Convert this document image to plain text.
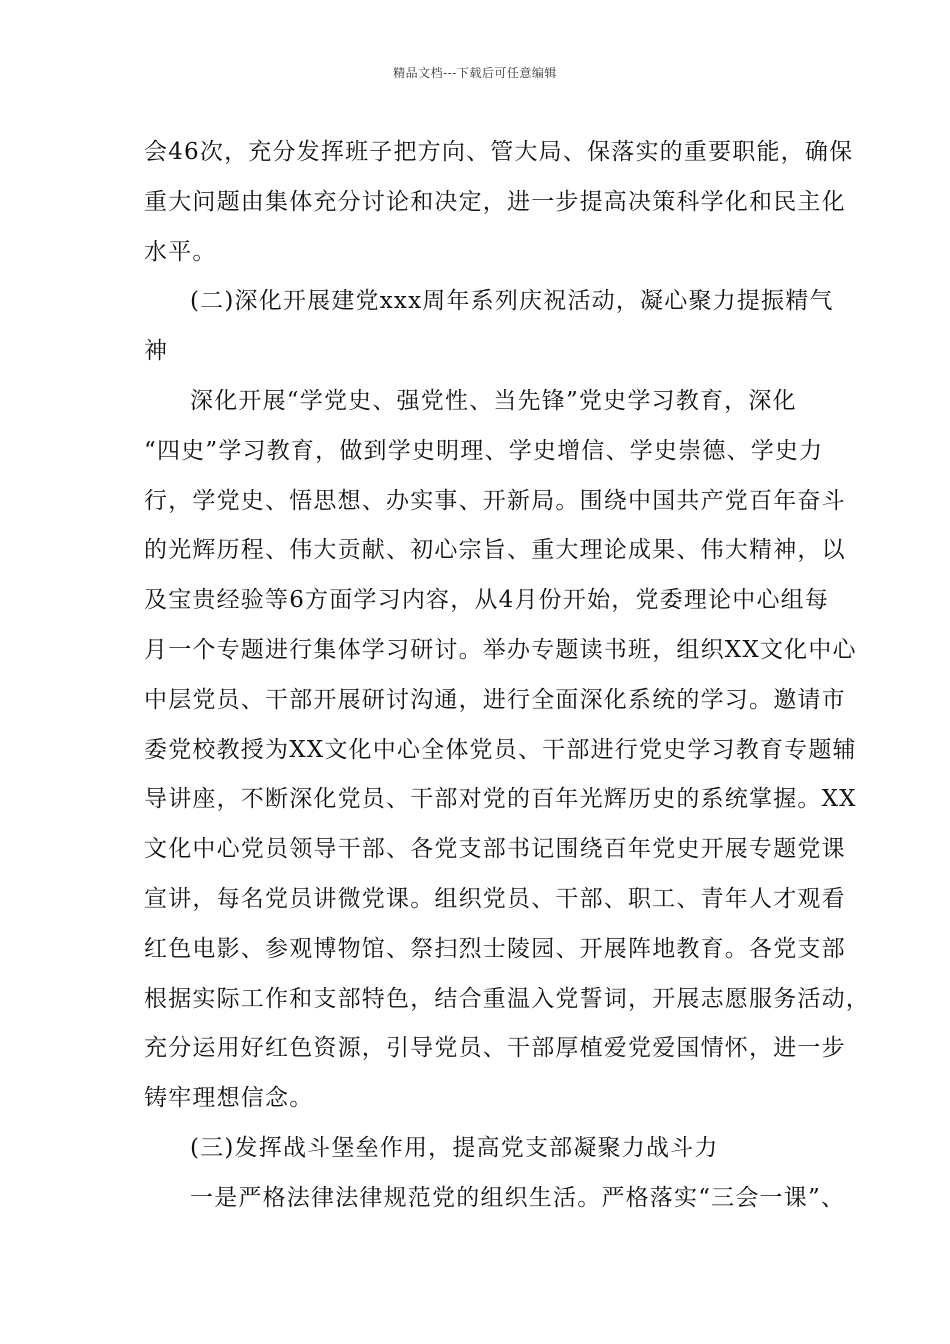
精品文档---下载后可任意编辑
会46次，充分发挥班子把方向、管大局、保落实的重要职能，确保
重大问题由集体充分讨论和决定，进一步提高决策科学化和民主化
水平。
(二)深化开展建党xxx周年系列庆祝活动，凝心聚力提振精气
神
深化开展“学党史、强党性、当先锋”党史学习教育，深化
“四史”学习教育，做到学史明理、学史增信、学史崇德、学史力
行，学党史、悟思想、办实事、开新局。围绕中国共产党百年奋斗
的光辉历程、伟大贡献、初心宗旨、重大理论成果、伟大精神，以
及宝贵经验等6方面学习内容，从4月份开始，党委理论中心组每
月一个专题进行集体学习研讨。举办专题读书班，组织XX文化中心
中层党员、干部开展研讨沟通，进行全面深化系统的学习。邀请市
委党校教授为XX文化中心全体党员、干部进行党史学习教育专题辅
导讲座，不断深化党员、干部对党的百年光辉历史的系统掌握。XX
文化中心党员领导干部、各党支部书记围绕百年党史开展专题党课
宣讲，每名党员讲微党课。组织党员、干部、职工、青年人才观看
红色电影、参观博物馆、祭扫烈士陵园、开展阵地教育。各党支部
根据实际工作和支部特色，结合重温入党誓词，开展志愿服务活动，
充分运用好红色资源，引导党员、干部厚植爱党爱国情怀，进一步
铸牢理想信念。
(三)发挥战斗堡垒作用，提高党支部凝聚力战斗力
一是严格法律法律规范党的组织生活。严格落实“三会一课”、
